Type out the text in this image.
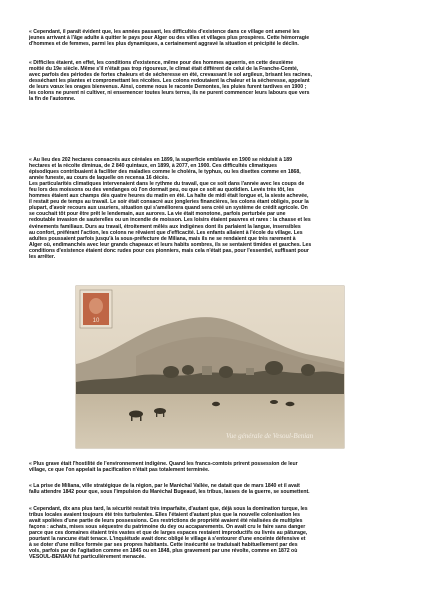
« Cependant, il paraît évident que, les années passant, les difficultés d'existence dans ce village ont amené les
jeunes arrivant à l'âge adulte à quitter le pays pour Alger ou des villes et villages plus prospères. Cette hémorragie
d'hommes et de femmes, parmi les plus dynamiques, a certainement aggravé la situation et précipité le déclin.
« Difficiles étaient, en effet, les conditions d'existence, même pour des hommes aguerris, en cette deuxième
moitié du 19e siècle. Même s'il n'était pas trop rigoureux, le climat était différent de celui de la Franche-Comté,
avec parfois des périodes de fortes chaleurs et de sécheresse en été, crevassant le sol argileux, brisant les racines,
desséchant les plantes et compromettant les récoltes. Les colons redoutaient la chaleur et la sécheresse, appelant
de leurs vœux les orages bienvenus. Ainsi, comme nous le raconte Demontes, les pluies furent tardives en 1900 ;
les colons ne purent ni cultiver, ni ensemencer toutes leurs terres, ils ne purent commencer leurs labours que vers
la fin de l'automne.
« Au lieu des 202 hectares consacrés aux céréales en 1899, la superficie emblavée en 1900 se réduisit à 189
hectares et la récolte diminua, de 2 840 quintaux, en 1899, à 2077, en 1900. Ces difficultés climatiques
épisodiques contribuaient à faciliter des maladies comme le choléra, le typhus, ou les disettes comme en 1868,
année funeste, au cours de laquelle on recensa 16 décès.
Les particularités climatiques intervenaient dans le rythme du travail, que ce soit dans l'année avec les coups de
feu lors des moissons ou des vendanges où l'on dormait peu, ou que ce soit au quotidien. Levés très tôt, les
hommes étaient aux champs dès quatre heures du matin en été. La halte de midi était longue et, la sieste achevée,
il restait peu de temps au travail. Le soir était consacré aux jongleries financières, les colons étant obligés, pour la
plupart, d'avoir recours aux usuriers, situation qui s'améliorera quand sera créé un système de crédit agricole. On
se couchait tôt pour être prêt le lendemain, aux aurores. La vie était monotone, parfois perturbée par une
redoutable invasion de sauterelles ou un incendie de moisson. Les loisirs étaient pauvres et rares : la chasse et les
événements familiaux. Durs au travail, étroitement mêlés aux indigènes dont ils parlaient la langue, insensibles
au confort, préférant l'action, les colons ne rêvaient que d'efficacité. Les enfants allaient à l'école du village. Les
adultes poussaient parfois jusqu'à la sous-préfecture de Miliana, mais ils ne se rendaient que très rarement à
Alger où, endimanchés avec leur grands chapeaux et leurs habits sombres, ils se sentaient timides et gauches. Les
conditions d'existence étaient donc rudes pour ces pionniers, mais cela n'était pas, pour l'essentiel, suffisant pour
les arrêter.
10
Vue générale de Vesoul-Benian
« Plus grave était l'hostilité de l'environnement indigène. Quand les francs-comtois prirent possession de leur
village, ce que l'on appelait la pacification n'était pas totalement terminée.
« La prise de Miliana, ville stratégique de la région, par le Maréchal Vallée, ne datait que de mars 1840 et il avait
fallu attendre 1842 pour que, sous l'impulsion du Maréchal Bugeaud, les tribus, lasses de la guerre, se soumettent.
« Cependant, dix ans plus tard, la sécurité restait très imparfaite, d'autant que, déjà sous la domination turque, les
tribus locales avaient toujours été très turbulentes. Elles l'étaient d'autant plus que la nouvelle colonisation les
avait spoliées d'une partie de leurs possessions. Ces restrictions de propriété avaient été réalisées de multiples
façons : achats, mises sous séquestre du patrimoine du dey ou accaparements. On avait cru le faire sans danger
parce que ces domaines étaient très vastes et que de larges espaces restaient improductifs ou livrés au pâturage,
pourtant la rancune était tenace. L'inquiétude avait donc obligé le village à s'entourer d'une enceinte défensive et
à se doter d'une milice formée par ses propres habitants. Cette insécurité se traduisait habituellement par des
vols, parfois par de l'agitation comme en 1845 ou en 1848, plus gravement par une révolte, comme en 1872 où
VESOUL-BENIAN fut particulièrement menacée.
